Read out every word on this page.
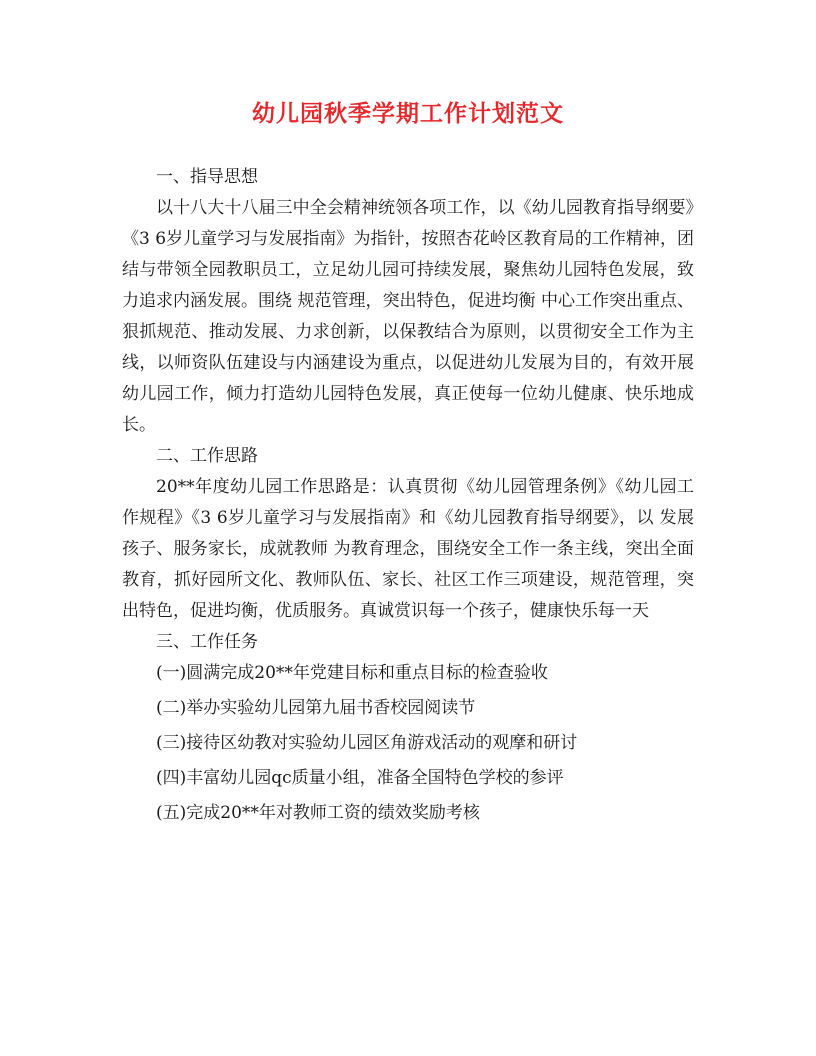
幼儿园秋季学期工作计划范文

一、指导思想

以十八大十八届三中全会精神统领各项工作，以《幼儿园教育指导纲要》《3 6岁儿童学习与发展指南》为指针，按照杏花岭区教育局的工作精神，团结与带领全园教职员工，立足幼儿园可持续发展，聚焦幼儿园特色发展，致力追求内涵发展。围绕 规范管理，突出特色，促进均衡 中心工作突出重点、狠抓规范、推动发展、力求创新，以保教结合为原则，以贯彻安全工作为主线，以师资队伍建设与内涵建设为重点，以促进幼儿发展为目的，有效开展幼儿园工作，倾力打造幼儿园特色发展，真正使每一位幼儿健康、快乐地成长。

二、工作思路

20**年度幼儿园工作思路是：认真贯彻《幼儿园管理条例》《幼儿园工作规程》《3 6岁儿童学习与发展指南》和《幼儿园教育指导纲要》，以 发展孩子、服务家长，成就教师 为教育理念，围绕安全工作一条主线，突出全面教育，抓好园所文化、教师队伍、家长、社区工作三项建设，规范管理，突出特色，促进均衡，优质服务。真诚赏识每一个孩子，健康快乐每一天

三、工作任务

(一)圆满完成20**年党建目标和重点目标的检查验收

(二)举办实验幼儿园第九届书香校园阅读节

(三)接待区幼教对实验幼儿园区角游戏活动的观摩和研讨

(四)丰富幼儿园qc质量小组，准备全国特色学校的参评

(五)完成20**年对教师工资的绩效奖励考核
